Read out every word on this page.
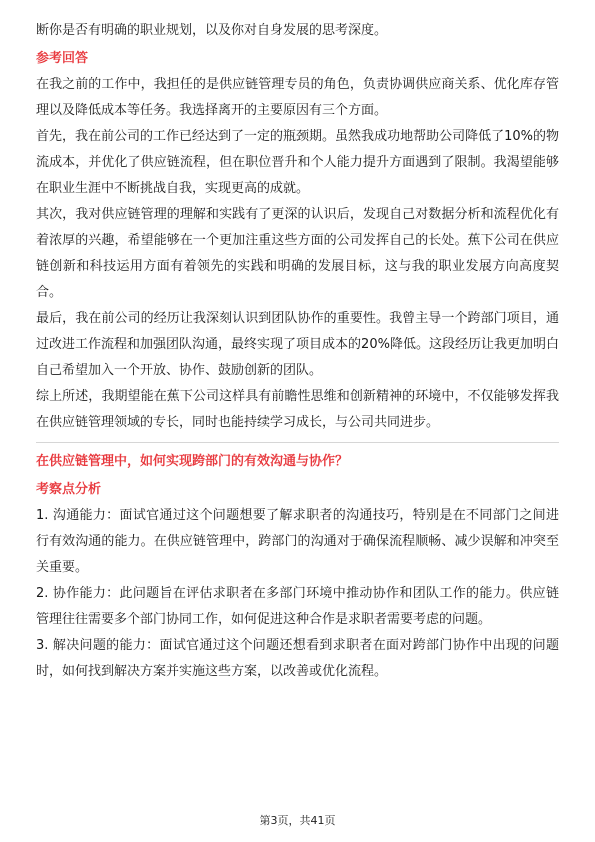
断你是否有明确的职业规划，以及你对自身发展的思考深度。

参考回答

在我之前的工作中，我担任的是供应链管理专员的角色，负责协调供应商关系、优化库存管理以及降低成本等任务。我选择离开的主要原因有三个方面。

首先，我在前公司的工作已经达到了一定的瓶颈期。虽然我成功地帮助公司降低了10%的物流成本，并优化了供应链流程，但在职位晋升和个人能力提升方面遇到了限制。我渴望能够在职业生涯中不断挑战自我，实现更高的成就。

其次，我对供应链管理的理解和实践有了更深的认识后，发现自己对数据分析和流程优化有着浓厚的兴趣，希望能够在一个更加注重这些方面的公司发挥自己的长处。蕉下公司在供应链创新和科技运用方面有着领先的实践和明确的发展目标，这与我的职业发展方向高度契合。

最后，我在前公司的经历让我深刻认识到团队协作的重要性。我曾主导一个跨部门项目，通过改进工作流程和加强团队沟通，最终实现了项目成本的20%降低。这段经历让我更加明白自己希望加入一个开放、协作、鼓励创新的团队。

综上所述，我期望能在蕉下公司这样具有前瞻性思维和创新精神的环境中，不仅能够发挥我在供应链管理领域的专长，同时也能持续学习成长，与公司共同进步。

在供应链管理中，如何实现跨部门的有效沟通与协作？

考察点分析

1. 沟通能力：面试官通过这个问题想要了解求职者的沟通技巧，特别是在不同部门之间进行有效沟通的能力。在供应链管理中，跨部门的沟通对于确保流程顺畅、减少误解和冲突至关重要。

2. 协作能力：此问题旨在评估求职者在多部门环境中推动协作和团队工作的能力。供应链管理往往需要多个部门协同工作，如何促进这种合作是求职者需要考虑的问题。

3. 解决问题的能力：面试官通过这个问题还想看到求职者在面对跨部门协作中出现的问题时，如何找到解决方案并实施这些方案，以改善或优化流程。

第3页，共41页
